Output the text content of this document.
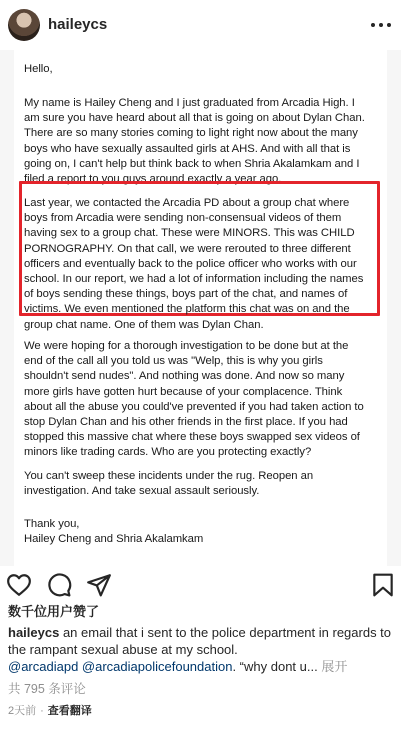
haileycs

Hello,

My name is Hailey Cheng and I just graduated from Arcadia High. I
am sure you have heard about all that is going on about Dylan Chan.
There are so many stories coming to light right now about the many
boys who have sexually assaulted girls at AHS. And with all that is
going on, I can't help but think back to when Shria Akalamkam and I
filed a report to you guys around exactly a year ago.

Last year, we contacted the Arcadia PD about a group chat where
boys from Arcadia were sending non-consensual videos of them
having sex to a group chat. These were MINORS. This was CHILD
PORNOGRAPHY. On that call, we were rerouted to three different
officers and eventually back to the police officer who works with our
school. In our report, we had a lot of information including the names
of boys sending these things, boys part of the chat, and names of
victims. We even mentioned the platform this chat was on and the
group chat name. One of them was Dylan Chan.

We were hoping for a thorough investigation to be done but at the
end of the call all you told us was "Welp, this is why you girls
shouldn't send nudes". And nothing was done. And now so many
more girls have gotten hurt because of your complacence. Think
about all the abuse you could've prevented if you had taken action to
stop Dylan Chan and his other friends in the first place. If you had
stopped this massive chat where these boys swapped sex videos of
minors like trading cards. Who are you protecting exactly?

You can't sweep these incidents under the rug. Reopen an
investigation. And take sexual assault seriously.

Thank you,
Hailey Cheng and Shria Akalamkam

数千位用户赞了
haileycs an email that i sent to the police department in regards to the rampant sexual abuse at my school.
@arcadiapd @arcadiapolicefoundation. “why dont u... 展开
共 795 条评论
2天前 · 查看翻译
